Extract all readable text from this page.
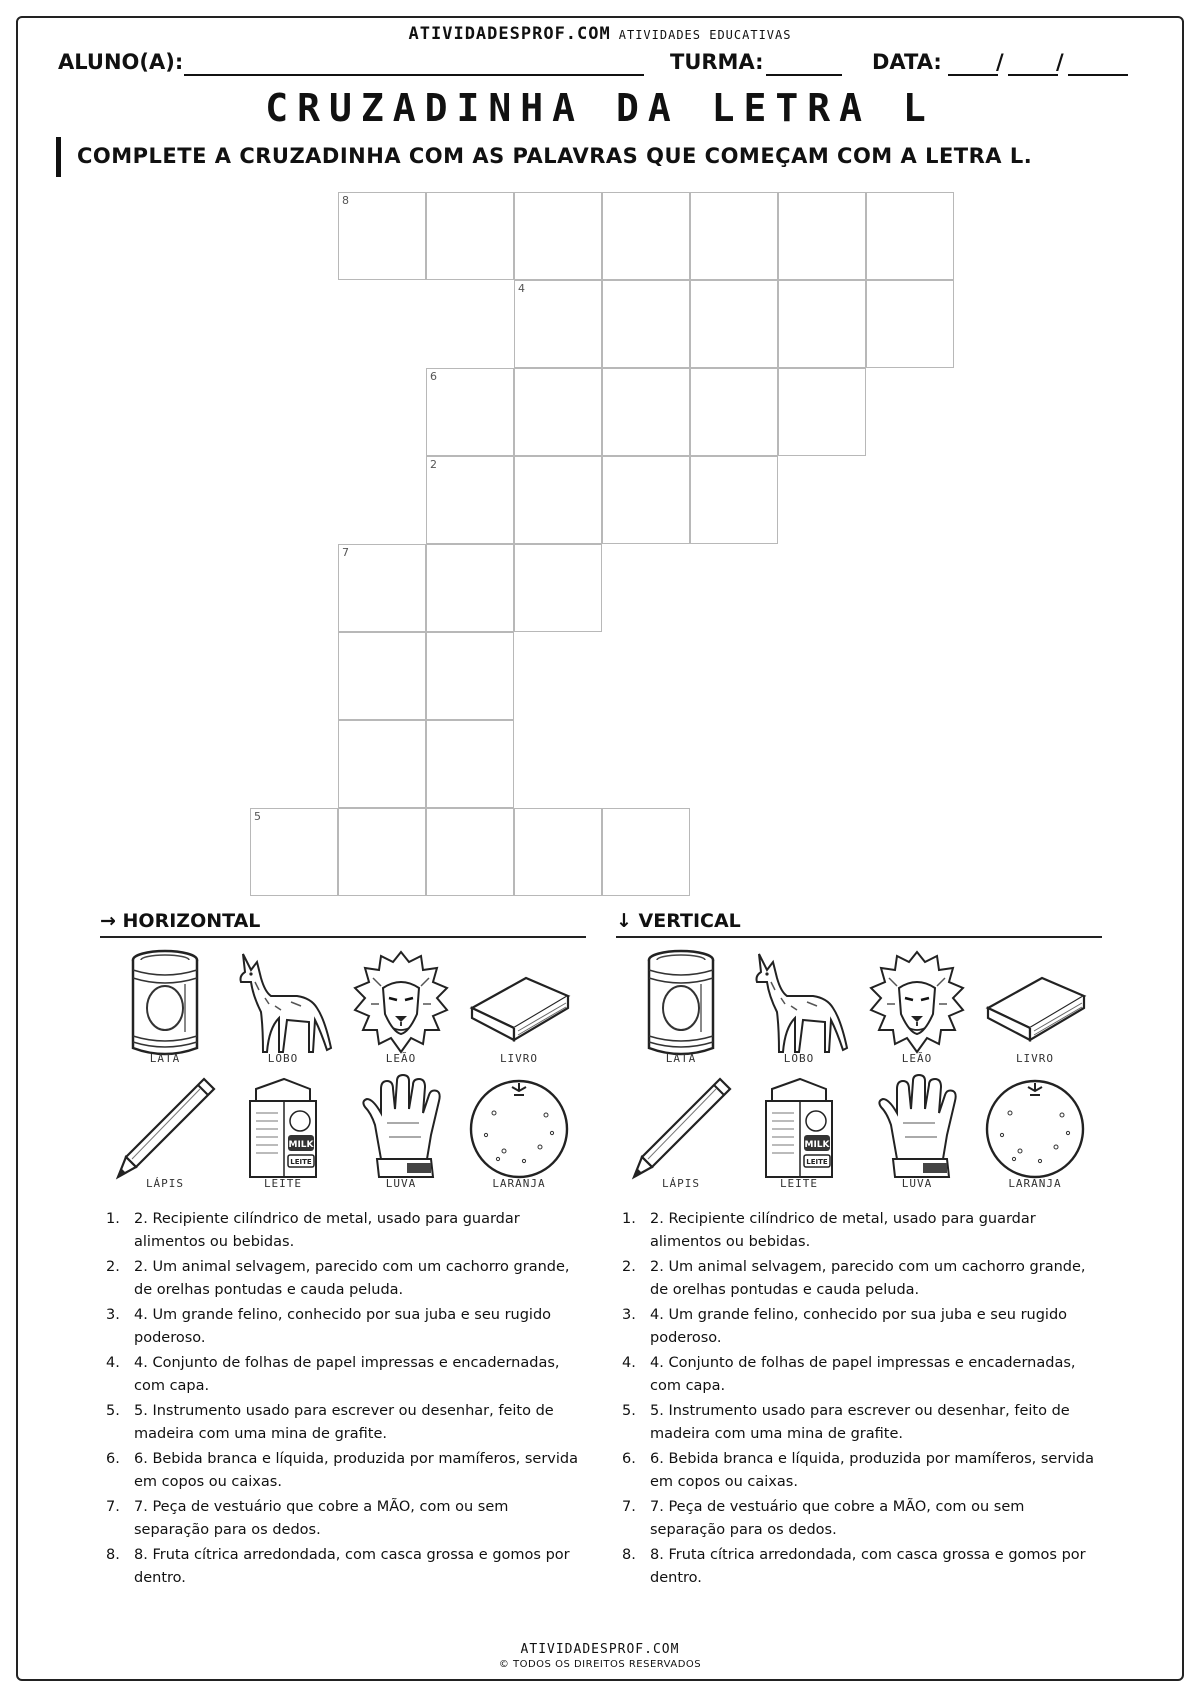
ATIVIDADESPROF.COM ATIVIDADES EDUCATIVAS
ALUNO(A):	TURMA:	DATA:	/ /
CRUZADINHA DA LETRA L
COMPLETE A CRUZADINHA COM AS PALAVRAS QUE COMEÇAM COM A LETRA L.
8
4
6
2
7
5
→ HORIZONTAL	↓ VERTICAL
LATA	LOBO	LEÃO	LIVRO
LÁPIS
MILK
LEITE
LEITE	LUVA	LARANJA
LATA	LOBO	LEÃO	LIVRO
LÁPIS
MILK
LEITE
LEITE	LUVA	LARANJA
1. 2. Recipiente cilíndrico de metal, usado para guardar alimentos ou bebidas.
2. 2. Um animal selvagem, parecido com um cachorro grande, de orelhas pontudas e cauda peluda.
3. 4. Um grande felino, conhecido por sua juba e seu rugido poderoso.
4. 4. Conjunto de folhas de papel impressas e encadernadas, com capa.
5. 5. Instrumento usado para escrever ou desenhar, feito de madeira com uma mina de grafite.
6. 6. Bebida branca e líquida, produzida por mamíferos, servida em copos ou caixas.
7. 7. Peça de vestuário que cobre a MÃO, com ou sem separação para os dedos.
8. 8. Fruta cítrica arredondada, com casca grossa e gomos por dentro.
1. 2. Recipiente cilíndrico de metal, usado para guardar alimentos ou bebidas.
2. 2. Um animal selvagem, parecido com um cachorro grande, de orelhas pontudas e cauda peluda.
3. 4. Um grande felino, conhecido por sua juba e seu rugido poderoso.
4. 4. Conjunto de folhas de papel impressas e encadernadas, com capa.
5. 5. Instrumento usado para escrever ou desenhar, feito de madeira com uma mina de grafite.
6. 6. Bebida branca e líquida, produzida por mamíferos, servida em copos ou caixas.
7. 7. Peça de vestuário que cobre a MÃO, com ou sem separação para os dedos.
8. 8. Fruta cítrica arredondada, com casca grossa e gomos por dentro.
ATIVIDADESPROF.COM
© TODOS OS DIREITOS RESERVADOS
